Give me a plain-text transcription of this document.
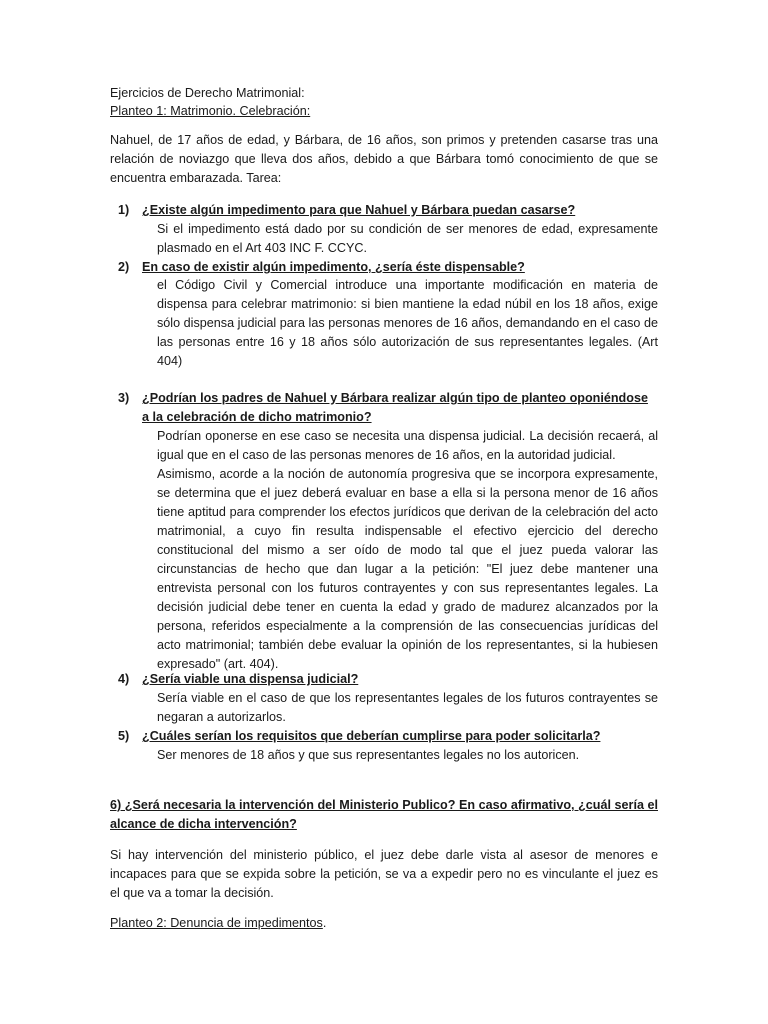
Ejercicios de Derecho Matrimonial:
Planteo 1: Matrimonio. Celebración:
Nahuel, de 17 años de edad, y Bárbara, de 16 años, son primos y pretenden casarse tras una relación de noviazgo que lleva dos años, debido a que Bárbara tomó conocimiento de que se encuentra embarazada. Tarea:
1) ¿Existe algún impedimento para que Nahuel y Bárbara puedan casarse?

Si el impedimento está dado por su condición de ser menores de edad, expresamente plasmado en el Art 403 INC F. CCYC.

2) En caso de existir algún impedimento, ¿sería éste dispensable?

el Código Civil y Comercial introduce una importante modificación en materia de dispensa para celebrar matrimonio: si bien mantiene la edad núbil en los 18 años, exige sólo dispensa judicial para las personas menores de 16 años, demandando en el caso de las personas entre 16 y 18 años sólo autorización de sus representantes legales. (Art 404)

3) ¿Podrían los padres de Nahuel y Bárbara realizar algún tipo de planteo oponiéndose a la celebración de dicho matrimonio?

Podrían oponerse en ese caso se necesita una dispensa judicial. La decisión recaerá, al igual que en el caso de las personas menores de 16 años, en la autoridad judicial.

Asimismo, acorde a la noción de autonomía progresiva que se incorpora expresamente, se determina que el juez deberá evaluar en base a ella si la persona menor de 16 años tiene aptitud para comprender los efectos jurídicos que derivan de la celebración del acto matrimonial, a cuyo fin resulta indispensable el efectivo ejercicio del derecho constitucional del mismo a ser oído de modo tal que el juez pueda valorar las circunstancias de hecho que dan lugar a la petición: "El juez debe mantener una entrevista personal con los futuros contrayentes y con sus representantes legales. La decisión judicial debe tener en cuenta la edad y grado de madurez alcanzados por la persona, referidos especialmente a la comprensión de las consecuencias jurídicas del acto matrimonial; también debe evaluar la opinión de los representantes, si la hubiesen expresado" (art. 404).

4) ¿Sería viable una dispensa judicial?

Sería viable en el caso de que los representantes legales de los futuros contrayentes se negaran a autorizarlos.

5) ¿Cuáles serían los requisitos que deberían cumplirse para poder solicitarla?

Ser menores de 18 años y que sus representantes legales no los autoricen.

6) ¿Será necesaria la intervención del Ministerio Publico? En caso afirmativo, ¿cuál sería el alcance de dicha intervención?
Si hay intervención del ministerio público, el juez debe darle vista al asesor de menores e incapaces para que se expida sobre la petición, se va a expedir pero no es vinculante el juez es el que va a tomar la decisión.
Planteo 2: Denuncia de impedimentos.
